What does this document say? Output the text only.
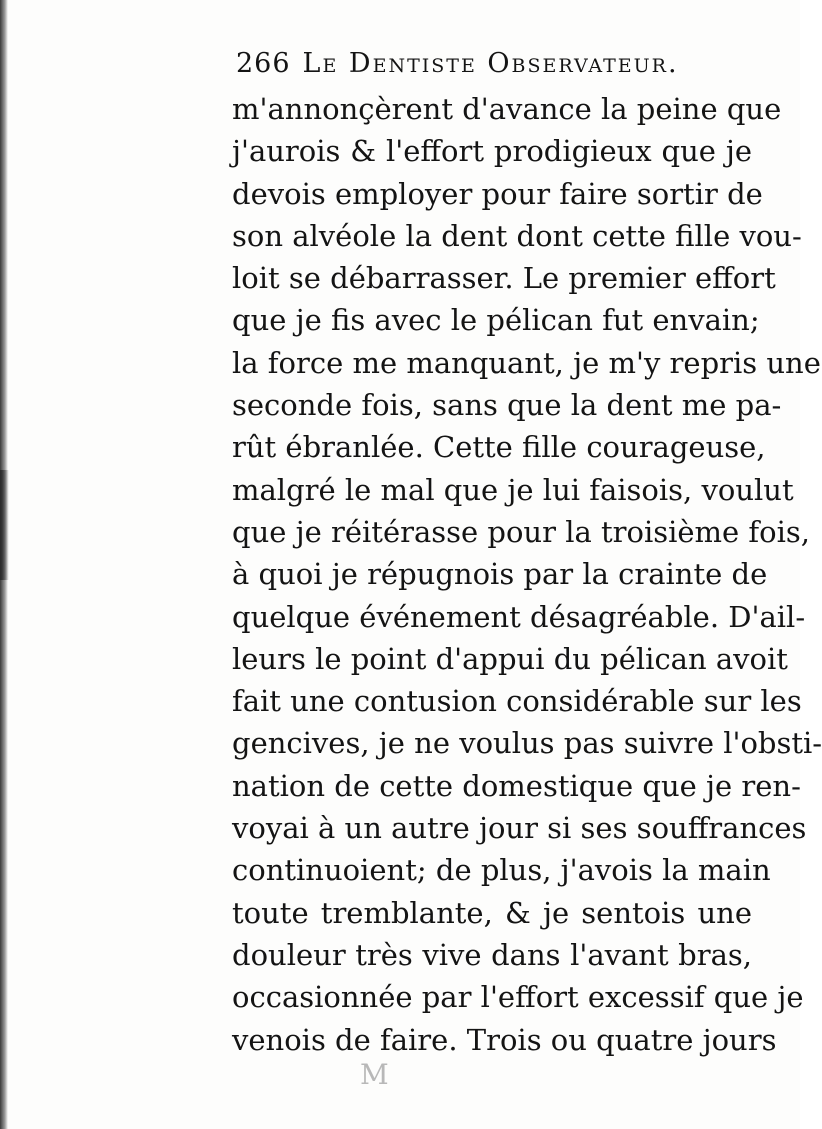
266 Le Dentiste Observateur.
m'annonçèrent d'avance la peine que
j'aurois & l'effort prodigieux que je
devois employer pour faire sortir de
son alvéole la dent dont cette fille vou-
loit se débarrasser. Le premier effort
que je fis avec le pélican fut envain;
la force me manquant, je m'y repris une
seconde fois, sans que la dent me pa-
rût ébranlée. Cette fille courageuse,
malgré le mal que je lui faisois, voulut
que je réitérasse pour la troisième fois,
à quoi je répugnois par la crainte de
quelque événement désagréable. D'ail-
leurs le point d'appui du pélican avoit
fait une contusion considérable sur les
gencives, je ne voulus pas suivre l'obsti-
nation de cette domestique que je ren-
voyai à un autre jour si ses souffrances
continuoient; de plus, j'avois la main
toute tremblante, & je sentois une
douleur très vive dans l'avant bras,
occasionnée par l'effort excessif que je
venois de faire. Trois ou quatre jours
M
